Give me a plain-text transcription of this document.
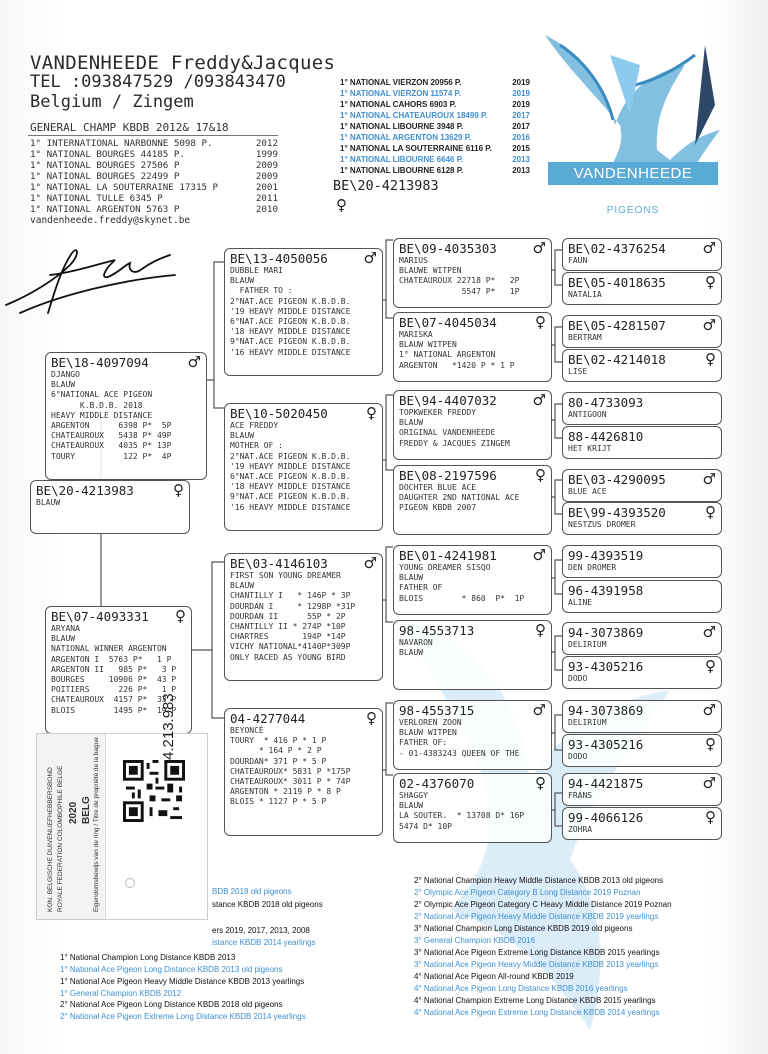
VANDENHEEDE Freddy&Jacques
TEL :093847529 /093843470
Belgium / Zingem
GENERAL CHAMP KBDB 2012& 17&18
1° INTERNATIONAL NARBONNE 5098 P.	2012
1° NATIONAL BOURGES 44185 P.	1999
1° NATIONAL BOURGES 27506 P	2009
1° NATIONAL BOURGES 22499 P	2009
1° NATIONAL LA SOUTERRAINE 17315 P	2001
1° NATIONAL TULLE 6345 P	2011
1° NATIONAL ARGENTON 5763 P	2010
vandenheede.freddy@skynet.be
1° NATIONAL VIERZON 20956 P.	2019
1° NATIONAL VIERZON 11574 P.	2019
1° NATIONAL CAHORS 6903 P.	2019
1° NATIONAL CHATEAUROUX 18499 P.	2017
1° NATIONAL LIBOURNE 3948 P.	2017
1° NATIONAL ARGENTON 13629 P.	2016
1° NATIONAL LA SOUTERRAINE 6116 P.	2015
1° NATIONAL LIBOURNE 6646 P.	2013
1° NATIONAL LIBOURNE 6128 P.	2013
BE\20-4213983
♀
VANDENHEEDE
PIGEONS
BE\20-4213983	♀
BLAUW
BE\18-4097094	♂
DJANGO
BLAUW
6°NATIONAL ACE PIGEON
K.B.D.B. 2018
HEAVY MIDDLE DISTANCE
ARGENTON      6398 P*  5P
CHATEAUROUX   5438 P* 49P
CHATEAUROUX   4035 P* 13P
TOURY          122 P*  4P
BE\07-4093331 ♀
ARYANA
BLAUW
NATIONAL WINNER ARGENTON
ARGENTON I  5763 P*   1 P
ARGENTON II   985 P*   3 P
BOURGES     10906 P*  43 P
POITIERS      226 P*   1 P
CHATEAUROUX  4157 P*  33 P
BLOIS        1495 P*  19 P
BE\13-4050056 ♂
DUBBLE MARI
BLAUW
FATHER TO :
2°NAT.ACE PIGEON K.B.D.B.
'19 HEAVY MIDDLE DISTANCE
6°NAT.ACE PIGEON K.B.D.B.
'18 HEAVY MIDDLE DISTANCE
9°NAT.ACE PIGEON K.B.D.B.
'16 HEAVY MIDDLE DISTANCE
BE\10-5020450	♀
ACE FREDDY
BLAUW
MOTHER OF :
2°NAT.ACE PIGEON K.B.D.B.
'19 HEAVY MIDDLE DISTANCE
6°NAT.ACE PIGEON K.B.D.B.
'18 HEAVY MIDDLE DISTANCE
9°NAT.ACE PIGEON K.B.D.B.
'16 HEAVY MIDDLE DISTANCE
BE\03-4146103 ♂
FIRST SON YOUNG DREAMER
BLAUW
CHANTILLY I   * 146P * 3P
DOURDAN I     * 1298P *31P
DOURDAN II      55P * 2P
CHANTILLY II * 274P *10P
CHARTRES       194P *14P
VICHY NATIONAL*4140P*309P
ONLY RACED AS YOUNG BIRD
04-4277044	♀
BEYONCÉ
TOURY  * 416 P * 1 P
* 164 P * 2 P
DOURDAN* 371 P * 5 P
CHATEAUROUX* 5831 P *175P
CHATEAUROUX* 3011 P * 74P
ARGENTON * 2119 P * 8 P
BLOIS * 1127 P * 5 P
BE\09-4035303 ♂
MARIUS
BLAUWE WITPEN
CHATEAUROUX 22718 P*   2P
5547 P*   1P
BE\07-4045034	♀
MARISKA
BLAUW WITPEN
1° NATIONAL ARGENTON
ARGENTON   *1420 P * 1 P
BE\94-4407032 ♂
TOPKWEKER FREDDY
BLAUW
ORIGINAL VANDENHEEDE
FREDDY & JACQUES ZINGEM
BE\08-2197596	♀
DOCHTER BLUE ACE
DAUGHTER 2ND NATIONAL ACE
PIGEON KBDB 2007
BE\01-4241981 ♂
YOUNG DREAMER SISQO
BLAUW
FATHER OF
BLOIS        * 860  P*  1P
98-4553713	♀
NAVARON
BLAUW
98-4553715	♂
VERLOREN ZOON
BLAUW WITPEN
FATHER OF:
- 01-4383243 QUEEN OF THE
02-4376070	♀
SHAGGY
BLAUW
LA SOUTER.  * 13708 D* 16P
5474 D* 10P
BE\02-4376254 ♂
FAUN
BE\05-4018635	♀
NATALIA
BE\05-4281507 ♂
BERTRAM
BE\02-4214018	♀
LISE
80-4733093
ANTIGOON
88-4426810
HET KRIJT
BE\03-4290095 ♂
BLUE ACE
BE\99-4393520	♀
NESTZUS DROMER
99-4393519
DEN DROMER
96-4391958
ALINE
94-3073869	♂
DELIRIUM
93-4305216	♀
DODO
94-3073869	♂
DELIRIUM
93-4305216	♀
DODO
94-4421875	♂
FRANS
99-4066126	♀
ZOHRA
KON. BELGISCHE DUIVENLIEFHEBBERSBOND ROYALE FEDERATION COLOMBOPHILE BELGE	Eigendomsbewijs van de ring / Titre de propriété de la bague
2020 BELG
4.213.983
BDB 2018 old pigeons
stance KBDB 2018 old pigeons
ers 2019, 2017, 2013, 2008
istance KBDB 2014 yearlings
1° National Champion Long Distance KBDB 2013
1° National Ace Pigeon Long Distance KBDB 2013 old pigeons
1° National Ace Pigeon Heavy Middle Distance KBDB 2013 yearlings
1° General Champion KBDB 2012
2° National Ace Pigeon Long Distance KBDB 2018 old pigeons
2° National Ace Pigeon Extreme Long Distance KBDB 2014 yearlings
2° National Champion Heavy Middle Distance KBDB 2013 old pigeons
2° Olympic Ace Pigeon Category B Long Distance 2019 Poznan
2° Olympic Ace Pigeon Category C Heavy Middle Distance 2019 Poznan
2° National Ace Pigeon Heavy Middle Distance KBDB 2019 yearlings
3° National Champion Long Distance KBDB 2019 old pigeons
3° General Champion KBDB 2016
3° National Ace Pigeon Extreme Long Distance KBDB 2015 yearlings
3° National Ace Pigeon Heavy Middle Distance KBDB 2013 yearlings
4° National Ace Pigeon All-round KBDB 2019
4° National Ace Pigeon Long Distance KBDB 2016 yearlings
4° National Champion Extreme Long Distance KBDB 2015 yearlings
4° National Ace Pigeon Extreme Long Distance KBDB 2014 yearlings
